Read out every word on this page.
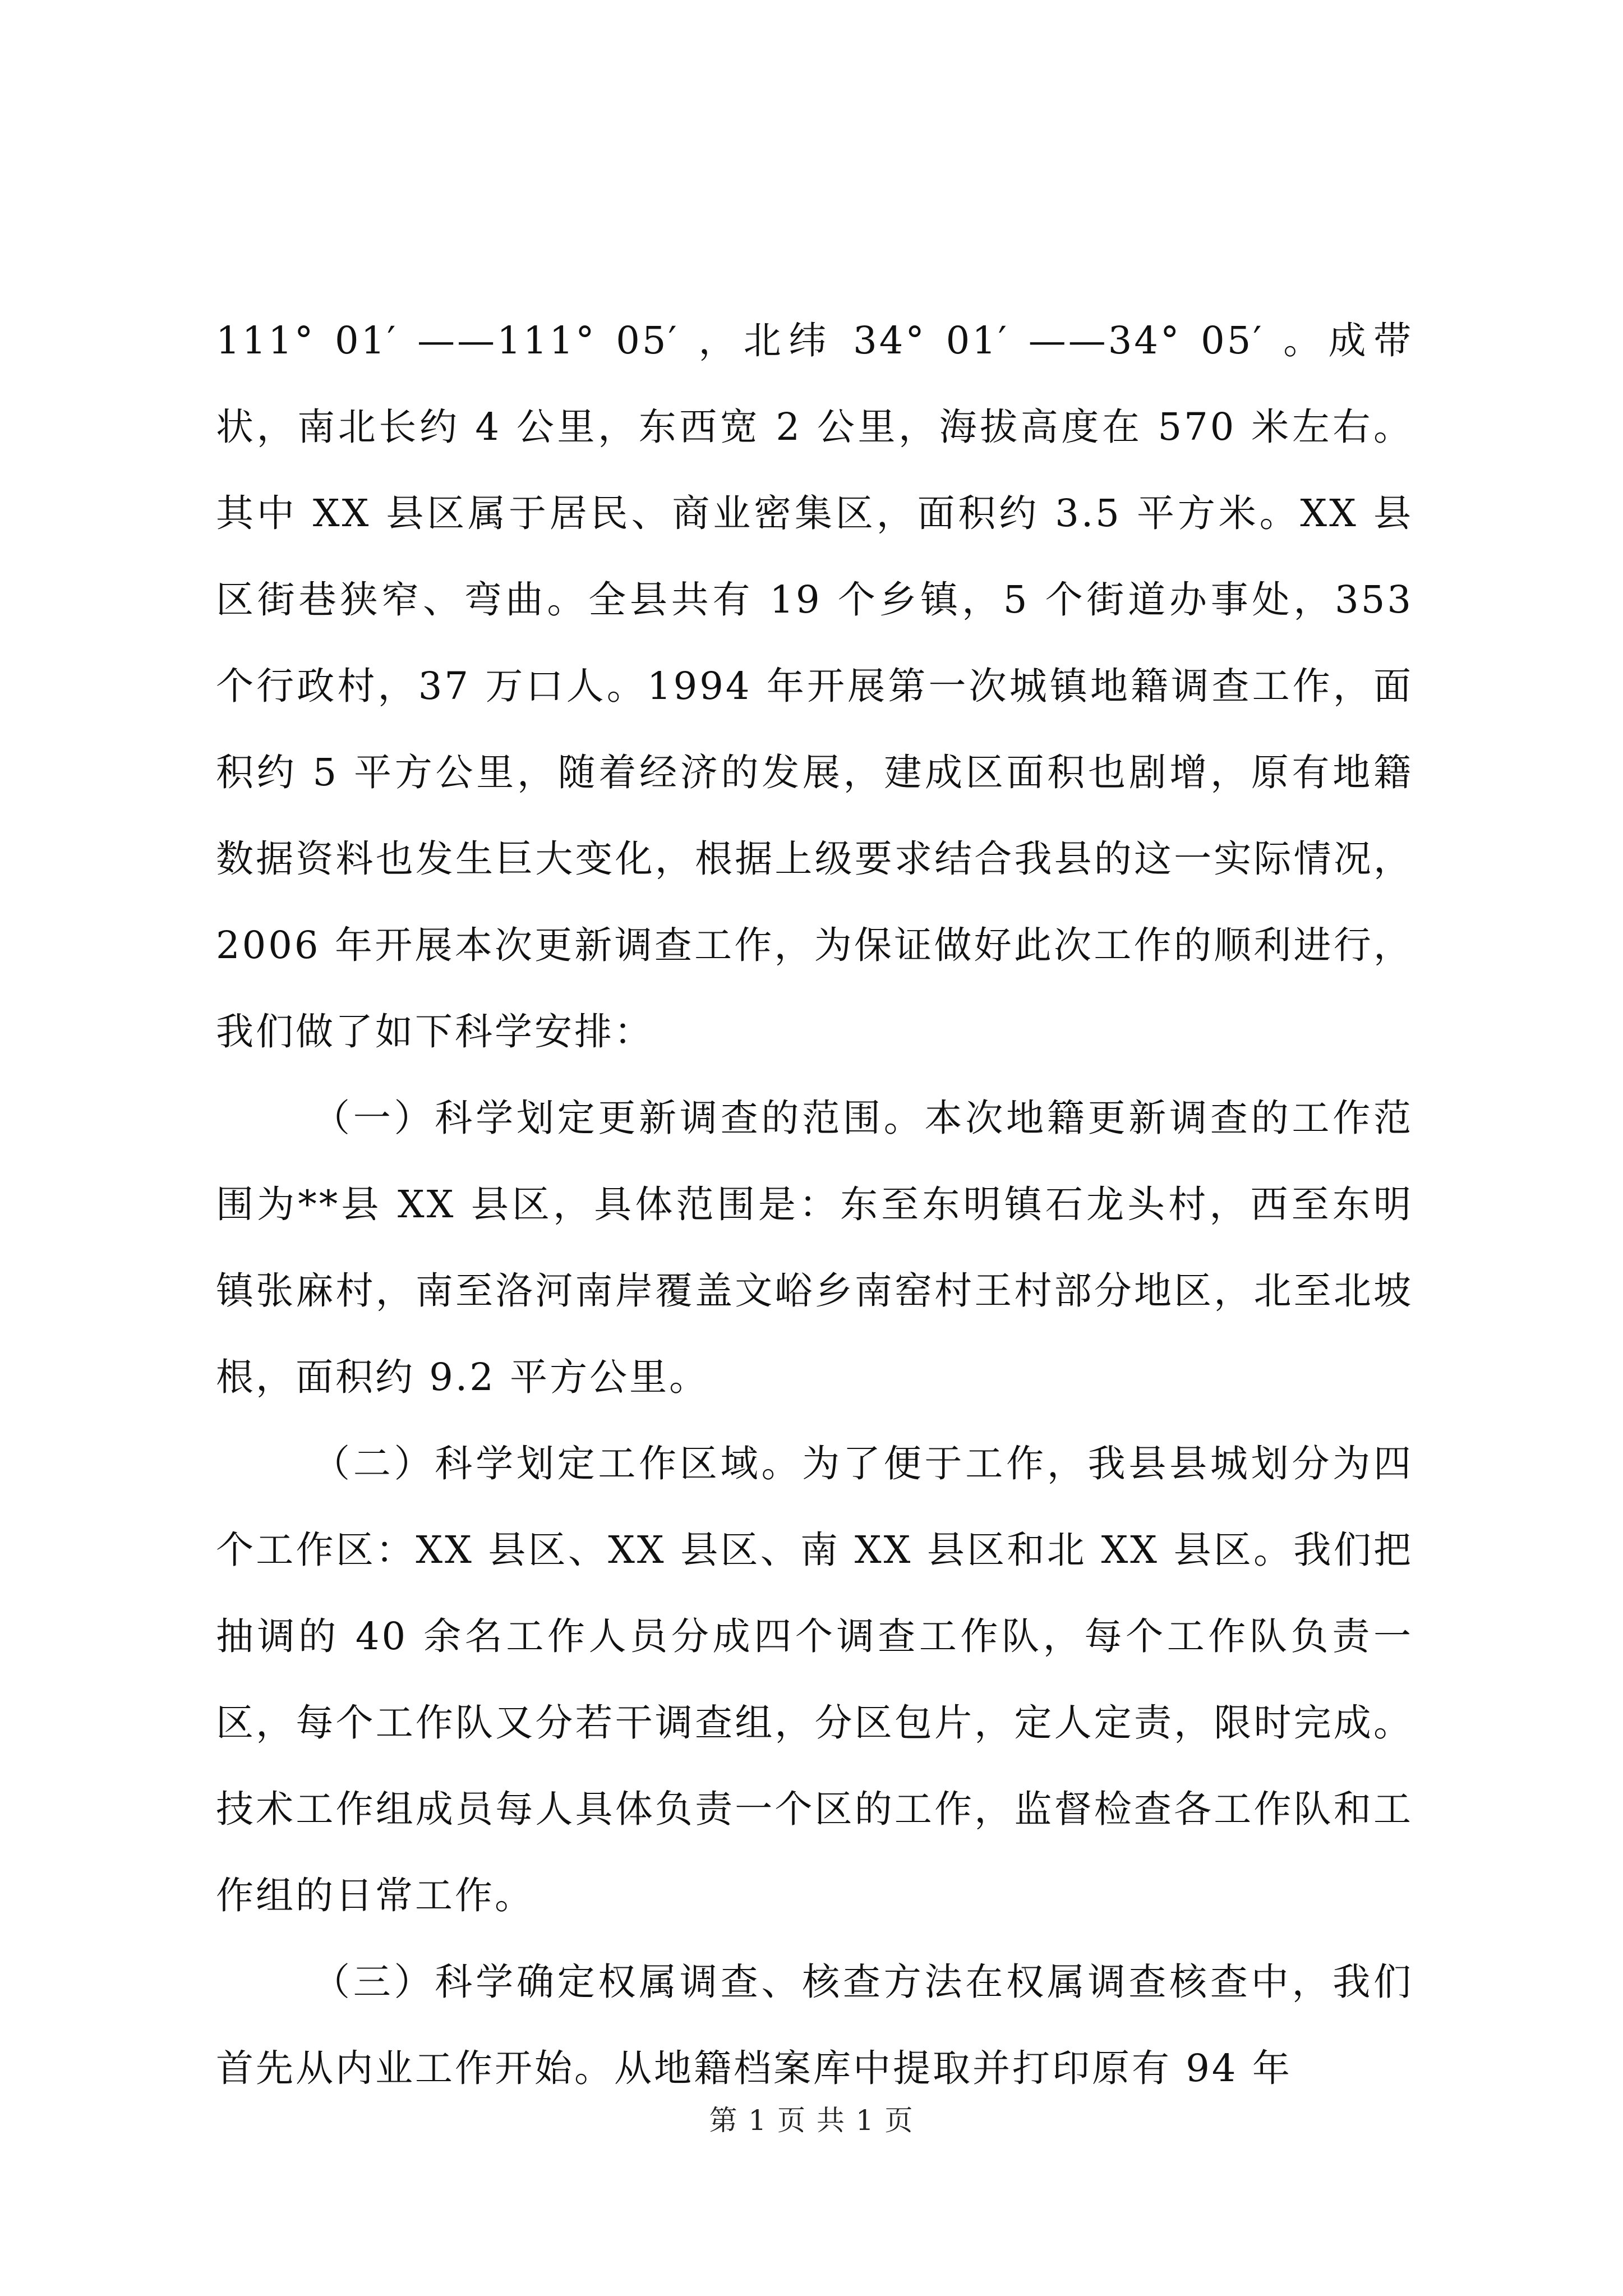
111° 01′ ——111° 05′ ，北纬 34° 01′ ——34° 05′ 。成带状，南北长约 4 公里，东西宽 2 公里，海拔高度在 570 米左右。其中 XX 县区属于居民、商业密集区，面积约 3.5 平方米。XX 县区街巷狭窄、弯曲。全县共有 19 个乡镇，5 个街道办事处，353 个行政村，37 万口人。1994 年开展第一次城镇地籍调查工作，面积约 5 平方公里，随着经济的发展，建成区面积也剧增，原有地籍数据资料也发生巨大变化，根据上级要求结合我县的这一实际情况，2006 年开展本次更新调查工作，为保证做好此次工作的顺利进行，我们做了如下科学安排：

（一）科学划定更新调查的范围。本次地籍更新调查的工作范围为**县 XX 县区，具体范围是：东至东明镇石龙头村，西至东明镇张麻村，南至洛河南岸覆盖文峪乡南窑村王村部分地区，北至北坡根，面积约 9.2 平方公里。

（二）科学划定工作区域。为了便于工作，我县县城划分为四个工作区：XX 县区、XX 县区、南 XX 县区和北 XX 县区。我们把抽调的 40 余名工作人员分成四个调查工作队，每个工作队负责一区，每个工作队又分若干调查组，分区包片，定人定责，限时完成。技术工作组成员每人具体负责一个区的工作，监督检查各工作队和工作组的日常工作。

（三）科学确定权属调查、核查方法在权属调查核查中，我们首先从内业工作开始。从地籍档案库中提取并打印原有 94 年

第 1 页 共 1 页
